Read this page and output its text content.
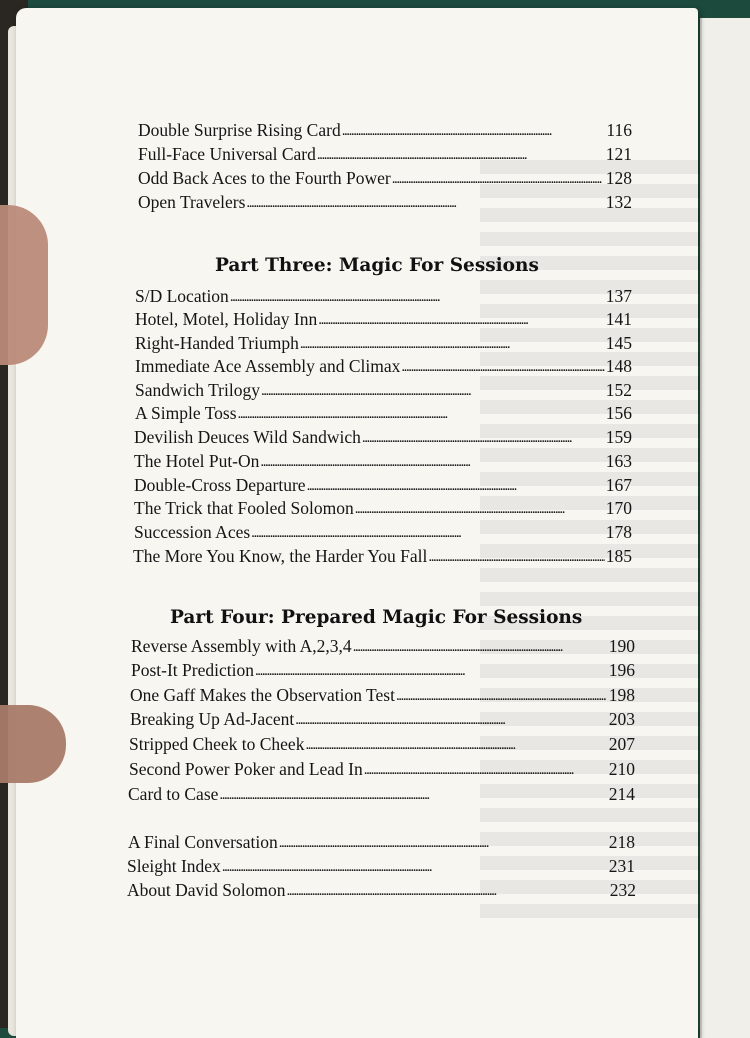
Double Surprise Rising Card . . .	116
Full-Face Universal Card . . .	121
Odd Back Aces to the Fourth Power . . .	128
Open Travelers . . .	132
Part Three: Magic For Sessions
S/D Location . . .	137
Hotel, Motel, Holiday Inn . . .	141
Right-Handed Triumph . . .	145
Immediate Ace Assembly and Climax . . .	148
Sandwich Trilogy . . .	152
A Simple Toss . . .	156
Devilish Deuces Wild Sandwich . . .	159
The Hotel Put-On . . .	163
Double-Cross Departure . . .	167
The Trick that Fooled Solomon . . .	170
Succession Aces . . .	178
The More You Know, the Harder You Fall . . .	185
Part Four: Prepared Magic For Sessions
Reverse Assembly with A,2,3,4 . . .	190
Post-It Prediction . . .	196
One Gaff Makes the Observation Test . . .	198
Breaking Up Ad-Jacent . . .	203
Stripped Cheek to Cheek . . .	207
Second Power Poker and Lead In . . .	210
Card to Case . . .	214
A Final Conversation . . .	218
Sleight Index . . .	231
About David Solomon . . .	232
